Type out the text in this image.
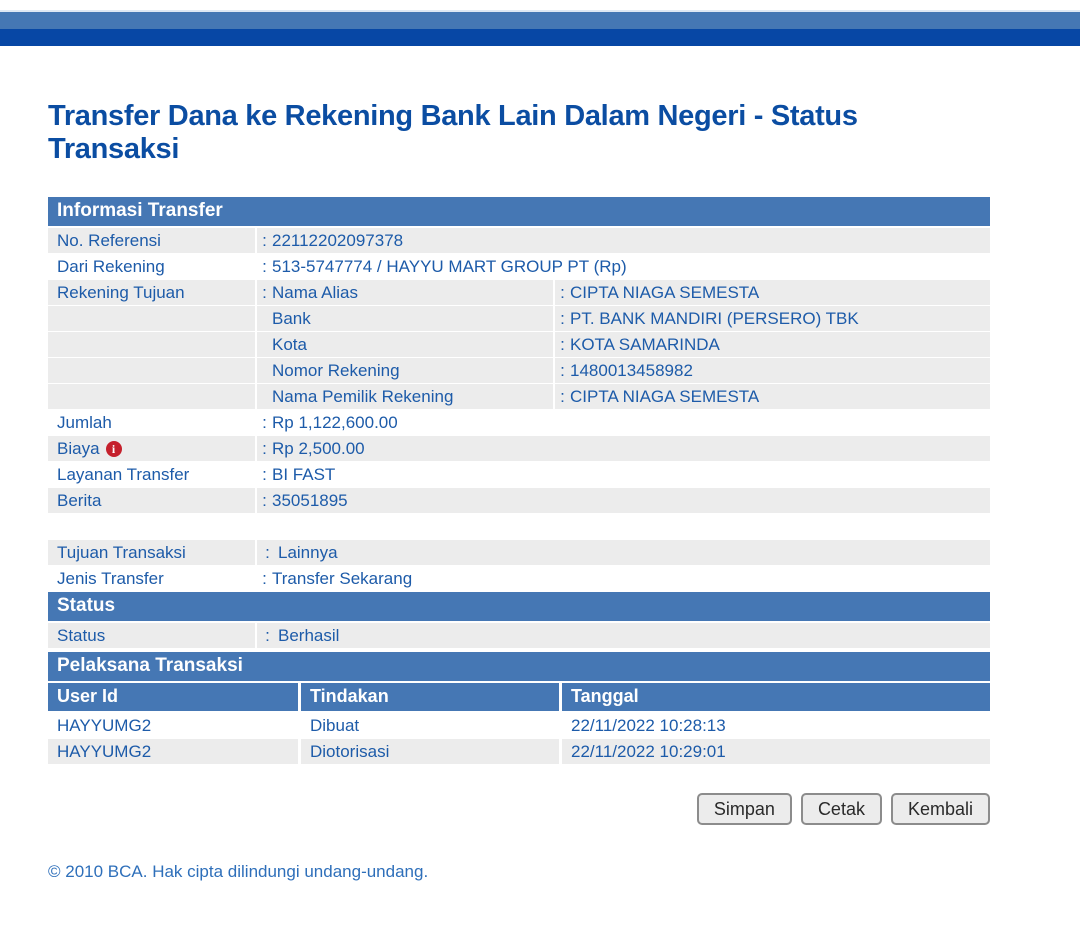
Transfer Dana ke Rekening Bank Lain Dalam Negeri - Status Transaksi
Informasi Transfer
No. Referensi	: 22112202097378
Dari Rekening	: 513-5747774 / HAYYU MART GROUP PT (Rp)
Rekening Tujuan	: Nama Alias	: CIPTA NIAGA SEMESTA
Bank	: PT. BANK MANDIRI (PERSERO) TBK
Kota	: KOTA SAMARINDA
Nomor Rekening	: 1480013458982
Nama Pemilik Rekening	: CIPTA NIAGA SEMESTA
Jumlah	: Rp 1,122,600.00
Biaya	i	: Rp 2,500.00
Layanan Transfer	: BI FAST
Berita	: 35051895
Tujuan Transaksi	: Lainnya
Jenis Transfer	: Transfer Sekarang
Status
Status	: Berhasil
Pelaksana Transaksi
User Id	Tindakan	Tanggal
HAYYUMG2	Dibuat	22/11/2022 10:28:13
HAYYUMG2	Diotorisasi	22/11/2022 10:29:01
Simpan	Cetak	Kembali
© 2010 BCA. Hak cipta dilindungi undang-undang.
